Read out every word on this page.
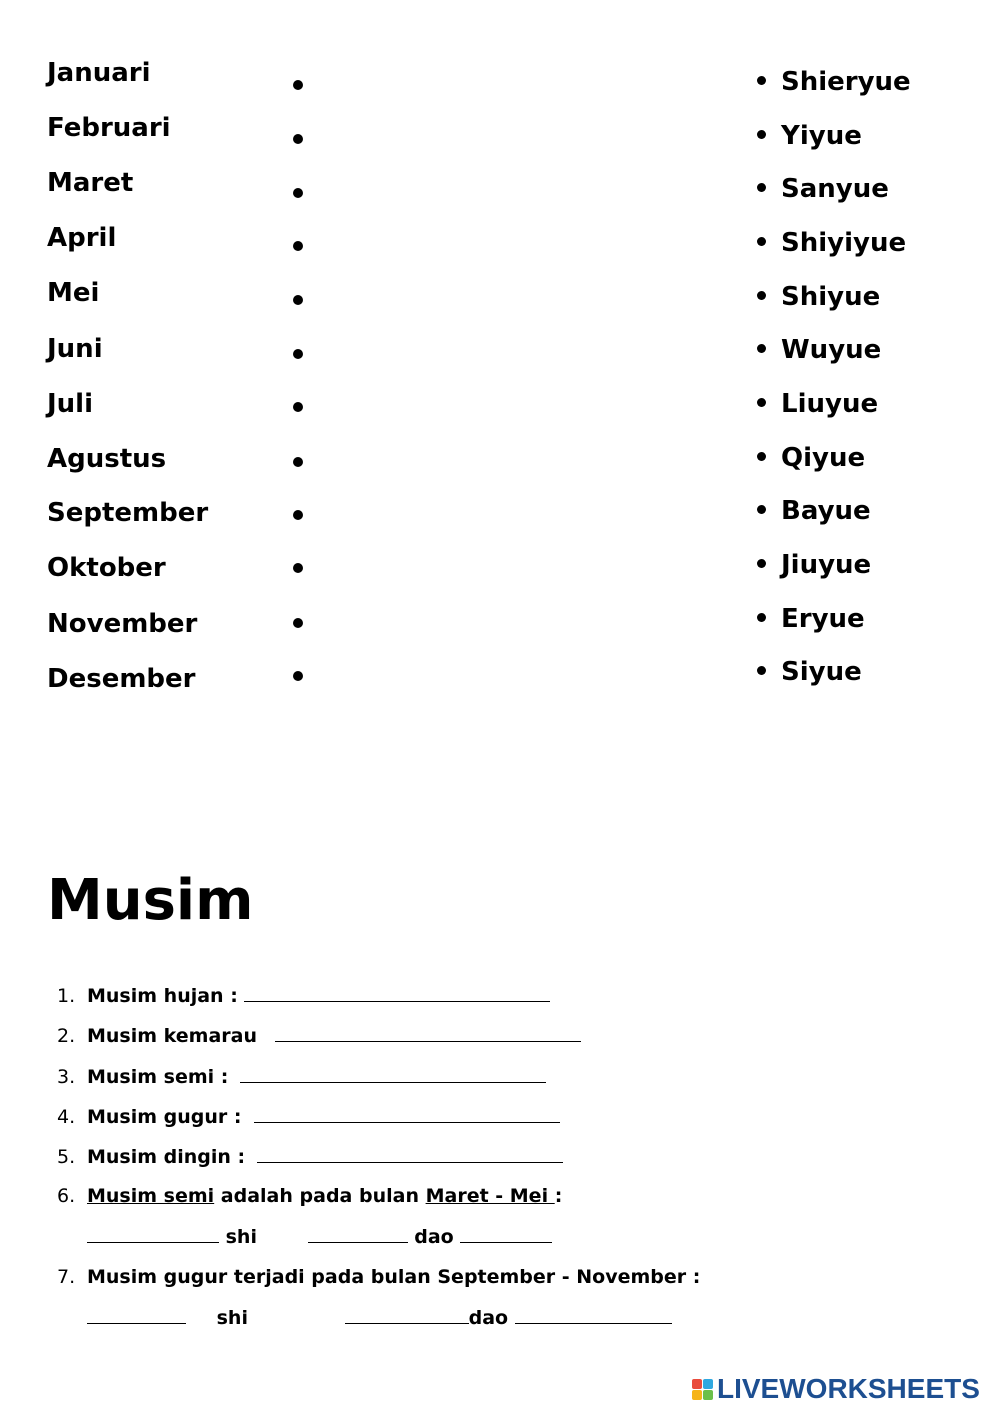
Januari
Februari
Maret
April
Mei
Juni
Juli
Agustus
September
Oktober
November
Desember
Shieryue
Yiyue
Sanyue
Shiyiyue
Shiyue
Wuyue
Liuyue
Qiyue
Bayue
Jiuyue
Eryue
Siyue
Musim
1. Musim hujan :
2. Musim kemarau
3. Musim semi :
4. Musim gugur :
5. Musim dingin :
6. Musim semi adalah pada bulan Maret - Mei :
shi	dao
7. Musim gugur terjadi pada bulan September - November :
shi	dao
LIVEWORKSHEETS
